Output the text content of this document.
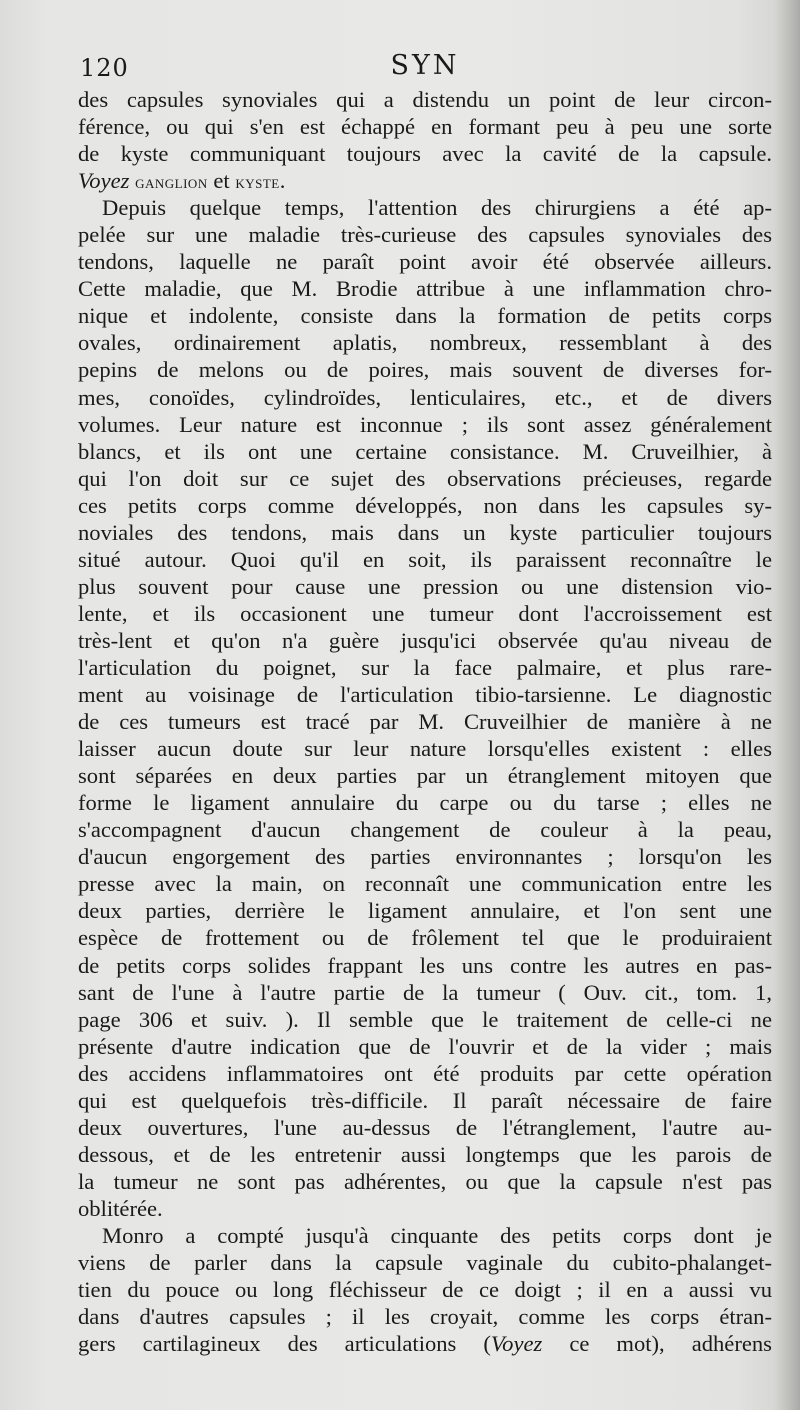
120	SYN
des capsules synoviales qui a distendu un point de leur circon-
férence, ou qui s'en est échappé en formant peu à peu une sorte
de kyste communiquant toujours avec la cavité de la capsule.
Voyez ganglion et kyste.
Depuis quelque temps, l'attention des chirurgiens a été ap-
pelée sur une maladie très-curieuse des capsules synoviales des
tendons, laquelle ne paraît point avoir été observée ailleurs.
Cette maladie, que M. Brodie attribue à une inflammation chro-
nique et indolente, consiste dans la formation de petits corps
ovales, ordinairement aplatis, nombreux, ressemblant à des
pepins de melons ou de poires, mais souvent de diverses for-
mes, conoïdes, cylindroïdes, lenticulaires, etc., et de divers
volumes. Leur nature est inconnue ; ils sont assez généralement
blancs, et ils ont une certaine consistance. M. Cruveilhier, à
qui l'on doit sur ce sujet des observations précieuses, regarde
ces petits corps comme développés, non dans les capsules sy-
noviales des tendons, mais dans un kyste particulier toujours
situé autour. Quoi qu'il en soit, ils paraissent reconnaître le
plus souvent pour cause une pression ou une distension vio-
lente, et ils occasionent une tumeur dont l'accroissement est
très-lent et qu'on n'a guère jusqu'ici observée qu'au niveau de
l'articulation du poignet, sur la face palmaire, et plus rare-
ment au voisinage de l'articulation tibio-tarsienne. Le diagnostic
de ces tumeurs est tracé par M. Cruveilhier de manière à ne
laisser aucun doute sur leur nature lorsqu'elles existent : elles
sont séparées en deux parties par un étranglement mitoyen que
forme le ligament annulaire du carpe ou du tarse ; elles ne
s'accompagnent d'aucun changement de couleur à la peau,
d'aucun engorgement des parties environnantes ; lorsqu'on les
presse avec la main, on reconnaît une communication entre les
deux parties, derrière le ligament annulaire, et l'on sent une
espèce de frottement ou de frôlement tel que le produiraient
de petits corps solides frappant les uns contre les autres en pas-
sant de l'une à l'autre partie de la tumeur ( Ouv. cit., tom. 1,
page 306 et suiv. ). Il semble que le traitement de celle-ci ne
présente d'autre indication que de l'ouvrir et de la vider ; mais
des accidens inflammatoires ont été produits par cette opération
qui est quelquefois très-difficile. Il paraît nécessaire de faire
deux ouvertures, l'une au-dessus de l'étranglement, l'autre au-
dessous, et de les entretenir aussi longtemps que les parois de
la tumeur ne sont pas adhérentes, ou que la capsule n'est pas
oblitérée.
Monro a compté jusqu'à cinquante des petits corps dont je
viens de parler dans la capsule vaginale du cubito-phalanget-
tien du pouce ou long fléchisseur de ce doigt ; il en a aussi vu
dans d'autres capsules ; il les croyait, comme les corps étran-
gers cartilagineux des articulations (Voyez ce mot), adhérens
